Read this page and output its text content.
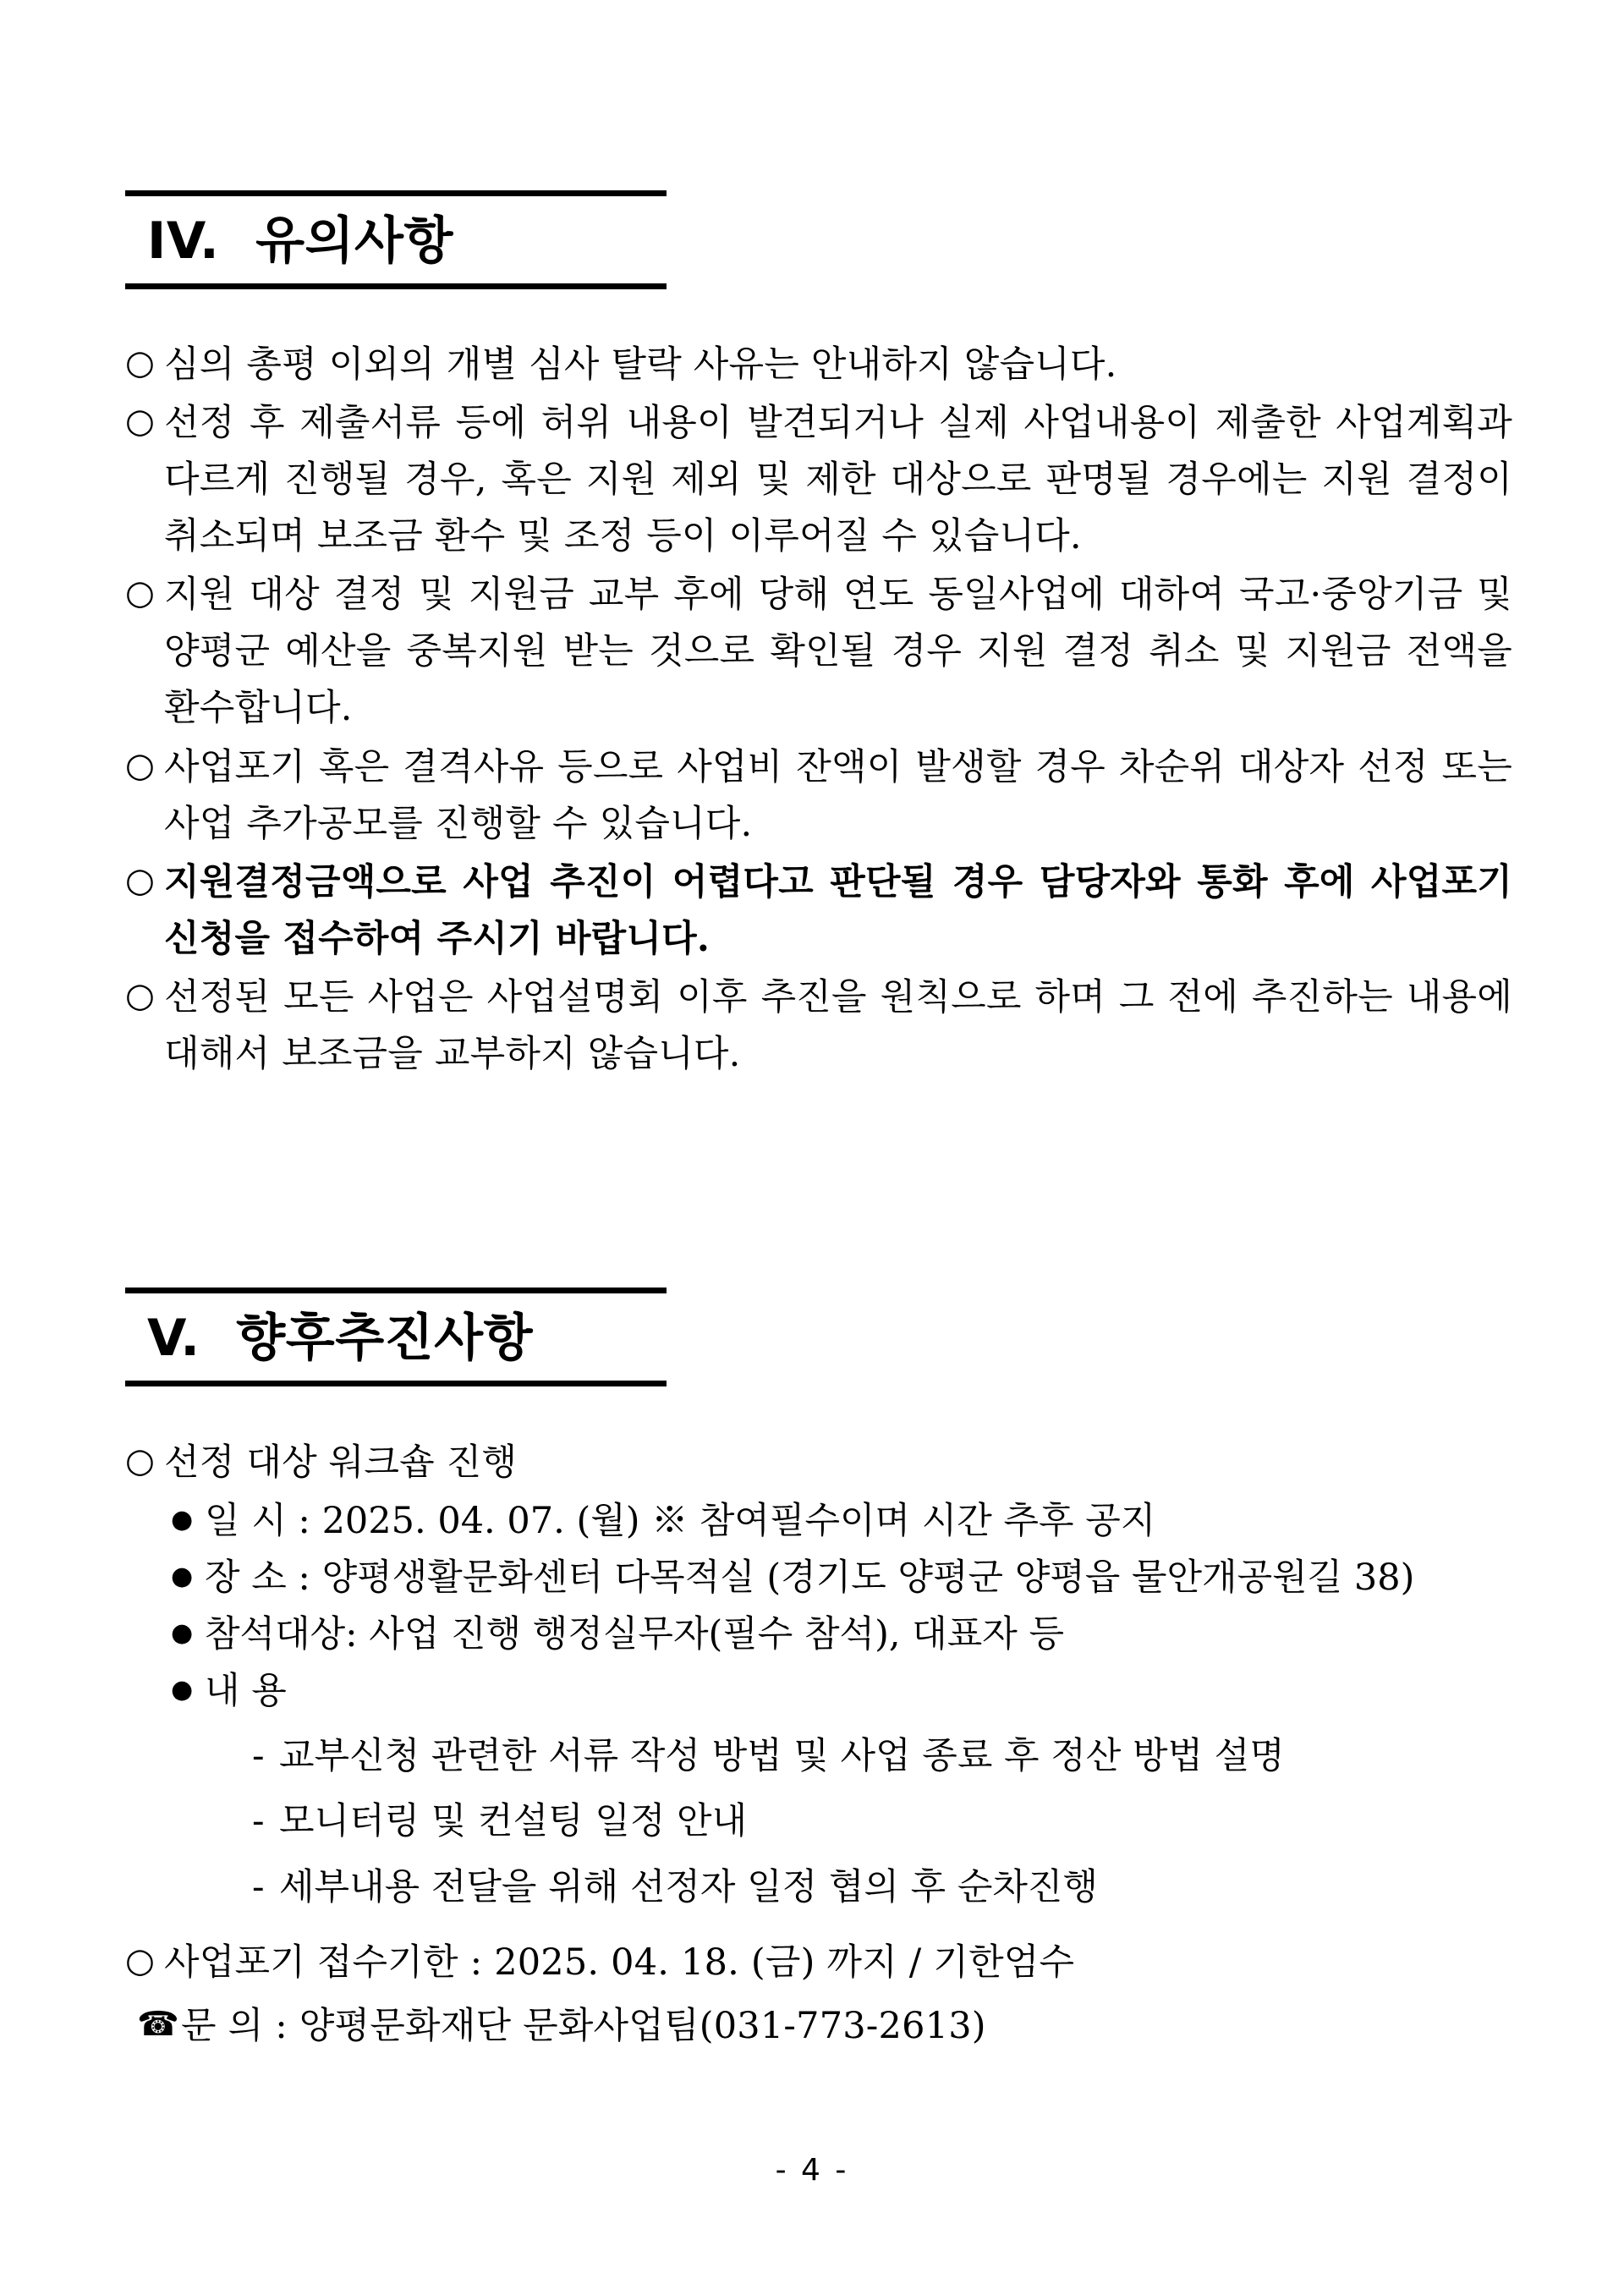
IV.  유의사항
○ 심의 총평 이외의 개별 심사 탈락 사유는 안내하지 않습니다.
○ 선정 후 제출서류 등에 허위 내용이 발견되거나 실제 사업내용이 제출한 사업계획과 다르게 진행될 경우, 혹은 지원 제외 및 제한 대상으로 판명될 경우에는 지원 결정이 취소되며 보조금 환수 및 조정 등이 이루어질 수 있습니다.
○ 지원 대상 결정 및 지원금 교부 후에 당해 연도 동일사업에 대하여 국고·중앙기금 및 양평군 예산을 중복지원 받는 것으로 확인될 경우 지원 결정 취소 및 지원금 전액을 환수합니다.
○ 사업포기 혹은 결격사유 등으로 사업비 잔액이 발생할 경우 차순위 대상자 선정 또는 사업 추가공모를 진행할 수 있습니다.
○ 지원결정금액으로 사업 추진이 어렵다고 판단될 경우 담당자와 통화 후에 사업포기 신청을 접수하여 주시기 바랍니다.
○ 선정된 모든 사업은 사업설명회 이후 추진을 원칙으로 하며 그 전에 추진하는 내용에 대해서 보조금을 교부하지 않습니다.
V.  향후추진사항
○ 선정 대상 워크숍 진행
● 일 시 : 2025. 04. 07. (월) ※ 참여필수이며 시간 추후 공지
● 장 소 : 양평생활문화센터 다목적실 (경기도 양평군 양평읍 물안개공원길 38)
● 참석대상: 사업 진행 행정실무자(필수 참석), 대표자 등
● 내 용
- 교부신청 관련한 서류 작성 방법 및 사업 종료 후 정산 방법 설명
- 모니터링 및 컨설팅 일정 안내
- 세부내용 전달을 위해 선정자 일정 협의 후 순차진행
○ 사업포기 접수기한 : 2025. 04. 18. (금) 까지 / 기한엄수
☎ 문 의 : 양평문화재단 문화사업팀(031-773-2613)
- 4 -
